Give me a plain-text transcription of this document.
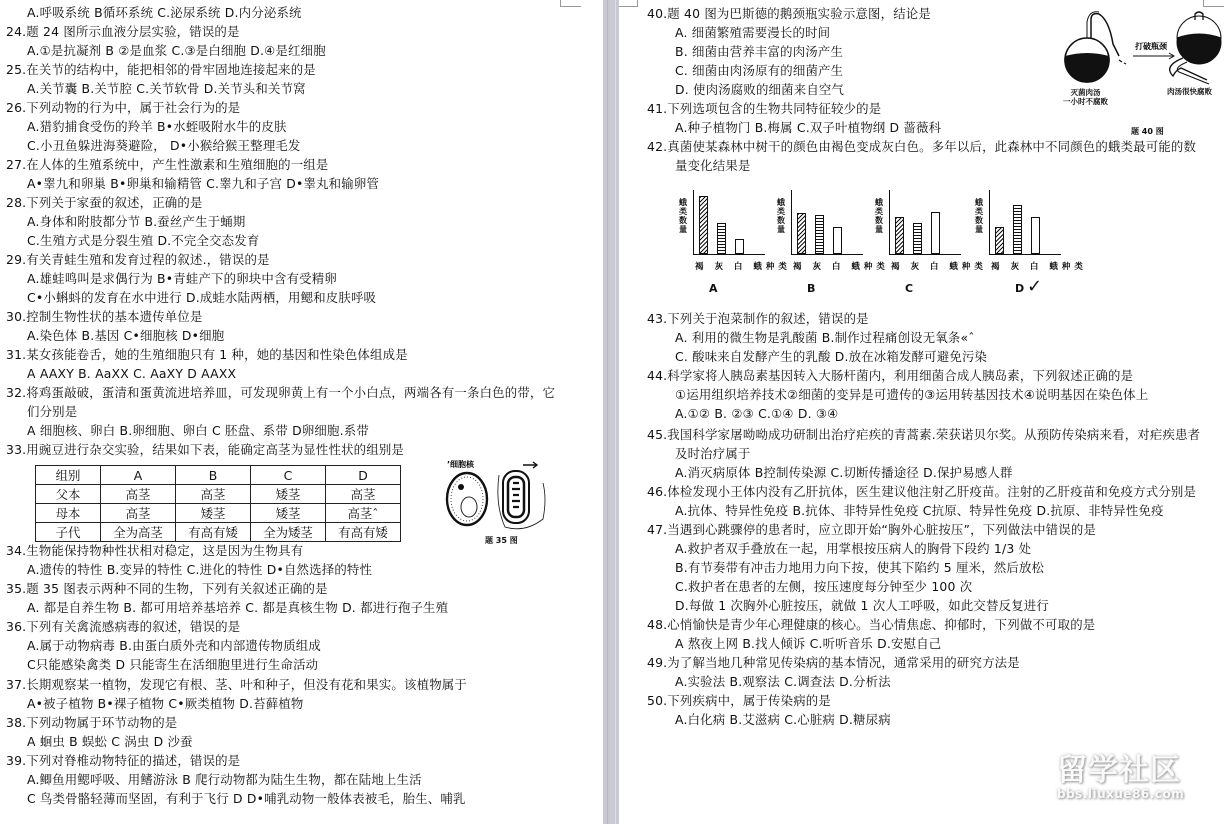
A.呼吸系统 B循环系统 C.泌尿系统 D.内分泌系统
24.题 24 图所示血液分层实验，错误的是
A.①是抗凝剂 B ②是血浆 C.③是白细胞 D.④是红细胞
25.在关节的结构中，能把相邻的骨牢固地连接起来的是
A.关节囊 B.关节腔 C.关节软骨 D.关节头和关节窝
26.下列动物的行为中，属于社会行为的是
A.猎豹捕食受伤的羚羊 B•水蛭吸附水牛的皮肤
C.小丑鱼躲进海葵避险， D•小猴给猴王整理毛发
27.在人体的生殖系统中，产生性激素和生殖细胞的一组是
A•睾九和卵巢 B•卵巢和输精管 C.睾九和子宫 D•睾丸和输卵管
28.下列关于家蚕的叙述，正确的是
A.身体和附肢都分节 B.蚕丝产生于蛹期
C.生殖方式是分裂生殖 D.不完全交态发育
29.有关青蛙生殖和发育过程的叙述.，错误的是
A.雄蛙鸣叫是求偶行为 B•青蛙产下的卵块中含有受精卵
C•小蝌蚪的发育在水中进行 D.成蛙水陆两栖，用鳃和皮肤呼吸
30.控制生物性状的基本遗传单位是
A.染色体 B.基因 C•细胞核 D•细胞
31.某女孩能卷舌，她的生殖细胞只有 1 种，她的基因和性染色体组成是
A AAXY B. AaXX C. AaXY D AAXX
32.将鸡蛋敲破，蛋清和蛋黄流进培养皿，可发现卵黄上有一个小白点，两端各有一条白色的带，它
们分别是
A 细胞核、卵白 B.卵细胞、卵白 C 胚盘、系带 D卵细胞.系带
33.用豌豆进行杂交实验，结果如下表，能确定高茎为显性性状的组别是
34.生物能保持物种性状相对稳定，这是因为生物具有
A.遗传的特性 B.变异的特性 C.进化的特性 D•自然选择的特性
35.题 35 图表示两种不同的生物，下列有关叙述正确的是
A. 都是自养生物 B. 都可用培养基培养 C. 都是真核生物 D. 都进行孢子生殖
36.下列有关禽流感病毒的叙述，错误的是
A.属于动物病毒 B.由蛋白质外壳和内部遗传物质组成
C只能感染禽类 D 只能寄生在活细胞里进行生命活动
37.长期观察某一植物，发现它有根、茎、叶和种子，但没有花和果实。该植物属于
A•被子植物 B•裸子植物 C•厥类植物 D.苔藓植物
38.下列动物属于环节动物的是
A 蛔虫 B 蜈蚣 C 涡虫 D 沙蚕
39.下列对脊椎动物特征的描述，错误的是
A.鲫鱼用鳃呼吸、用鳍游泳 B 爬行动物都为陆生生物，都在陆地上生活
C 鸟类骨骼轻薄而坚固，有利于飞行 D D•哺乳动物一般体表被毛，胎生、哺乳
组别	A	B	C	D
父本	高茎	高茎	矮茎	高茎
母本	高茎	矮茎	矮茎	高茎ˆ
子代	全为高茎	有高有矮	全为矮茎	有高有矮
ʼ细胞核
题 35 图
40.题 40 图为巴斯德的鹅颈瓶实验示意图，结论是
A. 细菌繁殖需要漫长的时间
B. 细菌由营养丰富的肉汤产生
C. 细菌由肉汤原有的细菌产生
D. 使肉汤腐败的细菌来自空气
41.下列选项包含的生物共同特征较少的是
A.种子植物门 B.梅属 C.双子叶植物纲 D 蔷薇科
42.真菌使某森林中树干的颜色由褐色变成灰白色。多年以后，此森林中不同颜色的蛾类最可能的数
量变化结果是
43.下列关于泡菜制作的叙述，错误的是
A. 利用的微生物是乳酸菌 B.制作过程痛创设无氧条«ˆ
C. 酸味来自发酵产生的乳酸 D.放在冰箱发酵可避免污染
44.科学家将人胰岛素基因转入大肠杆菌内，利用细菌合成人胰岛素，下列叙述正确的是
①运用组织培养技术②细菌的变异是可遗传的③运用转基因技术④说明基因在染色体上
A.①② B. ②③ C.①④ D. ③④
45.我国科学家屠呦呦成功研制出治疗疟疾的青蒿素.荣获诺贝尔奖。从预防传染病来看，对疟疾患者
及时治疗属于
A.消灭病原体 B控制传染源 C.切断传播途径 D.保护易感人群
46.体检发现小王体内没有乙肝抗体，医生建议他注射乙肝疫苗。注射的乙肝疫苗和免疫方式分别是
A.抗体、特异性免疫 B.抗体、非特异性免疫 C抗原、特异性免疫 D.抗原、非特异性免疫
47.当遇到心跳骤停的患者时，应立即开始“胸外心脏按压”，下列做法中错误的是
A.救护者双手叠放在一起，用掌根按压病人的胸骨下段约 1/3 处
B.有节奏带有冲击力地用力向下按，使其下陷约 5 厘米，然后放松
C.救护者在患者的左侧，按压速度每分钟至少 100 次
D.每做 1 次胸外心脏按压，就做 1 次人工呼吸，如此交替反复进行
48.心悄愉快是青少年心理健康的核心。当心情焦虑、抑郁时，下列做不可取的是
A 熬夜上网 B.找人倾诉 C.听听音乐 D.安慰自己
49.为了解当地几种常见传染病的基本情况，通常采用的研究方法是
A.实验法 B.观察法 C.调查法 D.分析法
50.下列疾病中，属于传染病的是
A.白化病 B.艾滋病 C.心脏病 D.糖尿病
打破瓶颈
灭菌肉汤
一小时不腐败
肉汤很快腐败
题 40 图
蛾类数量
褐 灰 白 蛾种类
A
蛾类数量
褐 灰 白 蛾种类
B
蛾类数量
褐 灰 白 蛾种类
C
蛾类数量
褐 灰 白 蛾种类
D ✓
留学社区
bbs.liuxue86.com
